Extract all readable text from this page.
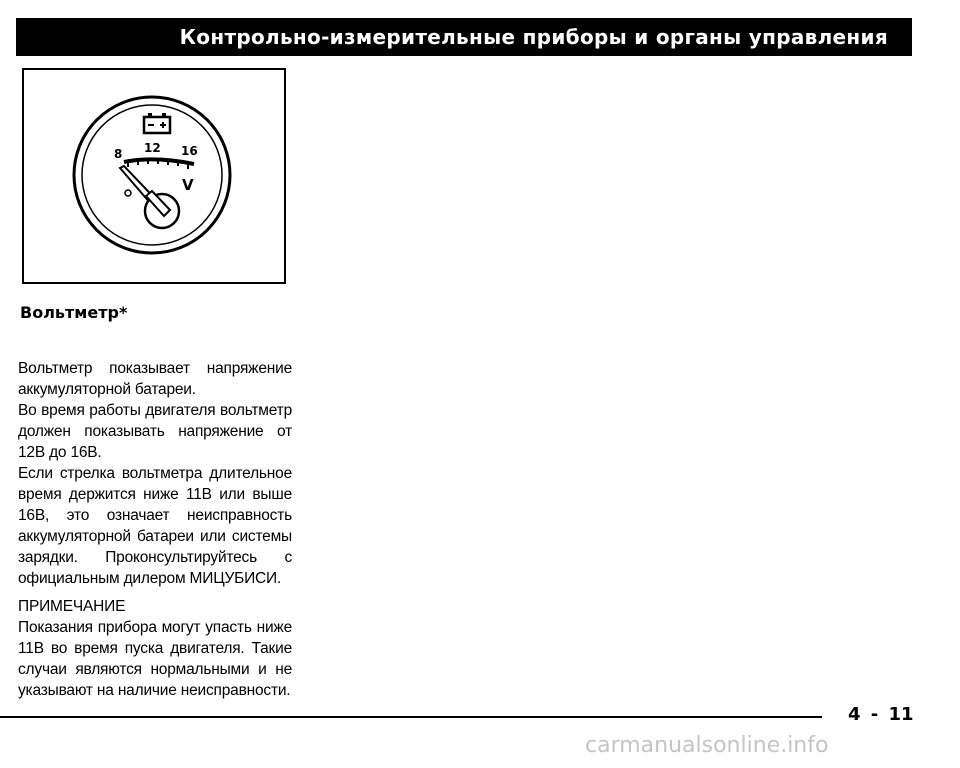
Контрольно-измерительные приборы и органы управления
8 12 16
V
Вольтметр*

Вольтметр показывает напряжение аккумуляторной батареи.

Во время работы двигателя вольтметр должен показывать напряжение от 12В до 16В.

Если стрелка вольтметра длительное время держится ниже 11В или выше 16В, это означает неисправность аккумуляторной батареи или системы зарядки. Проконсультируйтесь с официальным дилером МИЦУБИСИ.

ПРИМЕЧАНИЕ

Показания прибора могут упасть ниже 11В во время пуска двигателя. Такие случаи являются нормальными и не указывают на наличие неисправности.

4 - 11
carmanualsonline.info
